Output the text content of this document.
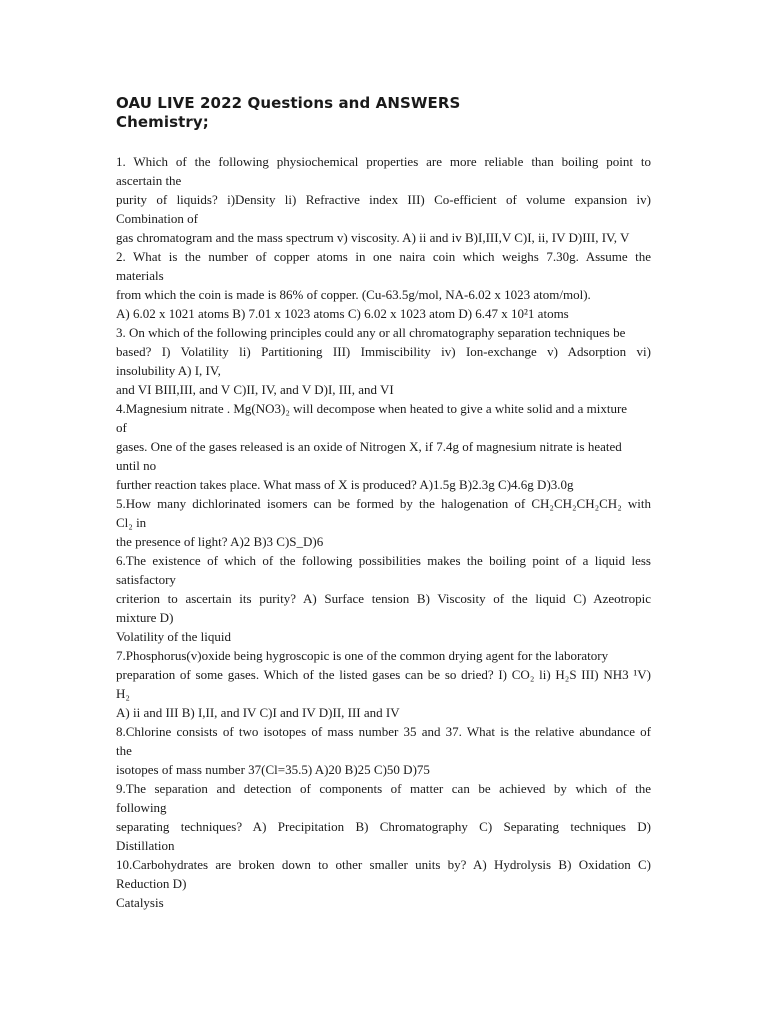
OAU LIVE 2022 Questions and ANSWERS
Chemistry;
1. Which of the following physiochemical properties are more reliable than boiling point to
ascertain the
purity of liquids? i)Density li) Refractive index III) Co-efficient of volume expansion iv)
Combination of
gas chromatogram and the mass spectrum v) viscosity. A) ii and iv B)I,III,V C)I, ii, IV D)III, IV, V
2. What is the number of copper atoms in one naira coin which weighs 7.30g. Assume the
materials
from which the coin is made is 86% of copper. (Cu-63.5g/mol, NA-6.02 x 1023 atom/mol).
A) 6.02 x 1021 atoms B) 7.01 x 1023 atoms C) 6.02 x 1023 atom D) 6.47 x 10²1 atoms
3. On which of the following principles could any or all chromatography separation techniques be
based? I) Volatility li) Partitioning III) Immiscibility iv) Ion-exchange v) Adsorption vi)
insolubility A) I, IV,
and VI BIII,III, and V C)II, IV, and V D)I, III, and VI
4.Magnesium nitrate . Mg(NO3)₂ will decompose when heated to give a white solid and a mixture
of
gases. One of the gases released is an oxide of Nitrogen X, if 7.4g of magnesium nitrate is heated
until no
further reaction takes place. What mass of X is produced? A)1.5g B)2.3g C)4.6g D)3.0g
5.How many dichlorinated isomers can be formed by the halogenation of CH₂CH₂CH₂CH₂ with
Cl₂ in
the presence of light? A)2 B)3 C)S_D)6
6.The existence of which of the following possibilities makes the boiling point of a liquid less
satisfactory
criterion to ascertain its purity? A) Surface tension B) Viscosity of the liquid C) Azeotropic
mixture D)
Volatility of the liquid
7.Phosphorus(v)oxide being hygroscopic is one of the common drying agent for the laboratory
preparation of some gases. Which of the listed gases can be so dried? I) CO₂ li) H₂S III) NH3 ¹V)
H₂
A) ii and III B) I,II, and IV C)I and IV D)II, III and IV
8.Chlorine consists of two isotopes of mass number 35 and 37. What is the relative abundance of
the
isotopes of mass number 37(Cl=35.5) A)20 B)25 C)50 D)75
9.The separation and detection of components of matter can be achieved by which of the
following
separating techniques? A) Precipitation B) Chromatography C) Separating techniques D)
Distillation
10.Carbohydrates are broken down to other smaller units by? A) Hydrolysis B) Oxidation C)
Reduction D)
Catalysis
